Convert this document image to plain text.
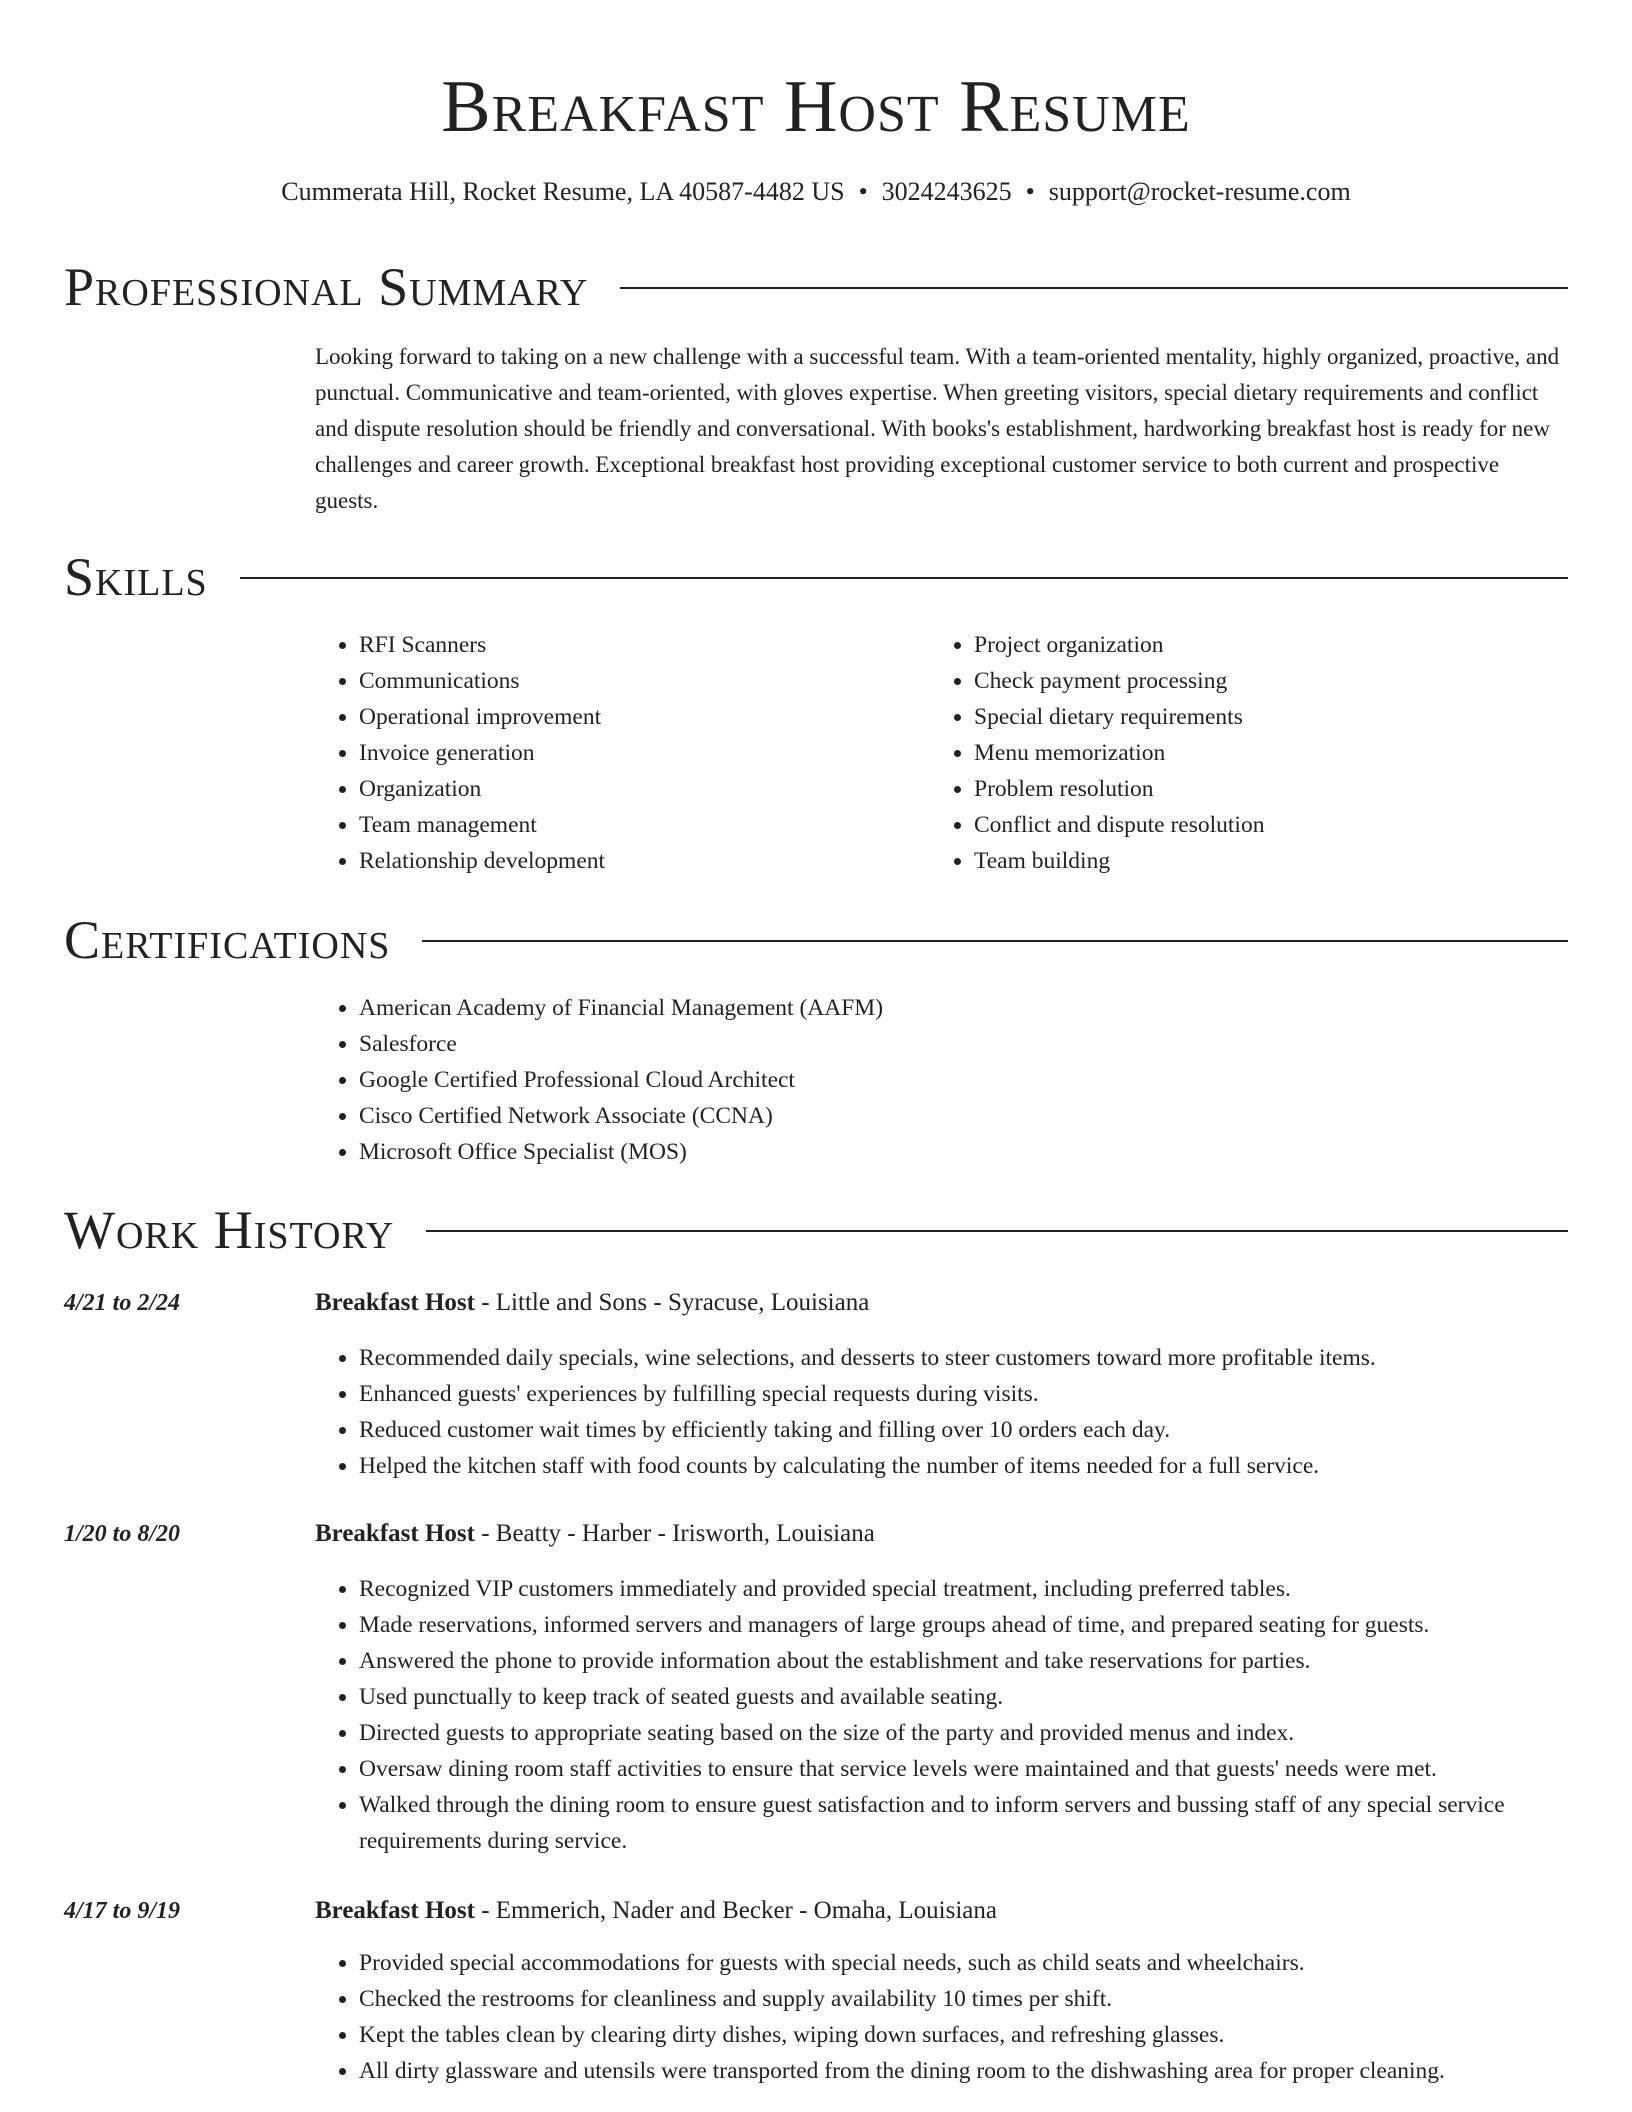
Breakfast Host Resume
Cummerata Hill, Rocket Resume, LA 40587-4482 US • 3024243625 • support@rocket-resume.com
Professional Summary

Looking forward to taking on a new challenge with a successful team. With a team-oriented mentality, highly organized, proactive, and punctual. Communicative and team-oriented, with gloves expertise. When greeting visitors, special dietary requirements and conflict and dispute resolution should be friendly and conversational. With books's establishment, hardworking breakfast host is ready for new challenges and career growth. Exceptional breakfast host providing exceptional customer service to both current and prospective guests.

Skills
• RFI Scanners
• Communications
• Operational improvement
• Invoice generation
• Organization
• Team management
• Relationship development
• Project organization
• Check payment processing
• Special dietary requirements
• Menu memorization
• Problem resolution
• Conflict and dispute resolution
• Team building
Certifications
• American Academy of Financial Management (AAFM)
• Salesforce
• Google Certified Professional Cloud Architect
• Cisco Certified Network Associate (CCNA)
• Microsoft Office Specialist (MOS)
Work History
4/21 to 2/24	Breakfast Host - Little and Sons - Syracuse, Louisiana
• Recommended daily specials, wine selections, and desserts to steer customers toward more profitable items.
• Enhanced guests' experiences by fulfilling special requests during visits.
• Reduced customer wait times by efficiently taking and filling over 10 orders each day.
• Helped the kitchen staff with food counts by calculating the number of items needed for a full service.
1/20 to 8/20	Breakfast Host - Beatty - Harber - Irisworth, Louisiana
• Recognized VIP customers immediately and provided special treatment, including preferred tables.
• Made reservations, informed servers and managers of large groups ahead of time, and prepared seating for guests.
• Answered the phone to provide information about the establishment and take reservations for parties.
• Used punctually to keep track of seated guests and available seating.
• Directed guests to appropriate seating based on the size of the party and provided menus and index.
• Oversaw dining room staff activities to ensure that service levels were maintained and that guests' needs were met.
• Walked through the dining room to ensure guest satisfaction and to inform servers and bussing staff of any special service requirements during service.
4/17 to 9/19	Breakfast Host - Emmerich, Nader and Becker - Omaha, Louisiana
• Provided special accommodations for guests with special needs, such as child seats and wheelchairs.
• Checked the restrooms for cleanliness and supply availability 10 times per shift.
• Kept the tables clean by clearing dirty dishes, wiping down surfaces, and refreshing glasses.
• All dirty glassware and utensils were transported from the dining room to the dishwashing area for proper cleaning.
